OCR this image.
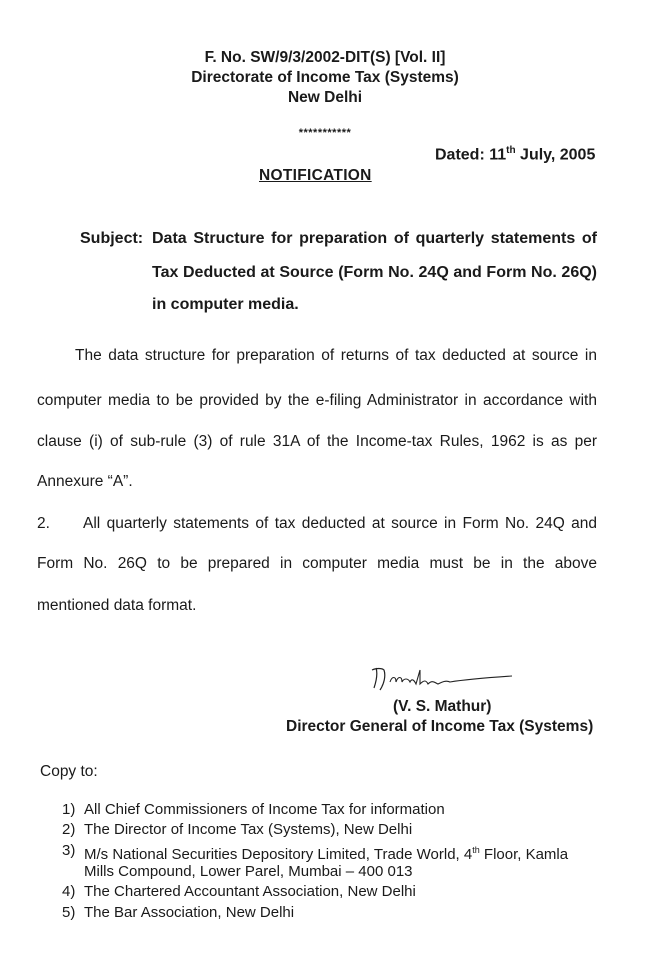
F. No. SW/9/3/2002-DIT(S) [Vol. II]
Directorate of Income Tax (Systems)
New Delhi
***********
Dated: 11th July, 2005
NOTIFICATION
Subject: Data Structure for preparation of quarterly statements of
Tax Deducted at Source (Form No. 24Q and Form No. 26Q)
in computer media.
The data structure for preparation of returns of tax deducted at source in
computer media to be provided by the e-filing Administrator in accordance with
clause (i) of sub-rule (3) of rule 31A of the Income-tax Rules, 1962 is as per
Annexure “A”.
2. All quarterly statements of tax deducted at source in Form No. 24Q and
Form No. 26Q to be prepared in computer media must be in the above
mentioned data format.
(V. S. Mathur)
Director General of Income Tax (Systems)
Copy to:
1) All Chief Commissioners of Income Tax for information
2) The Director of Income Tax (Systems), New Delhi
3) M/s National Securities Depository Limited, Trade World, 4th Floor, Kamla
Mills Compound, Lower Parel, Mumbai – 400 013
4) The Chartered Accountant Association, New Delhi
5) The Bar Association, New Delhi
